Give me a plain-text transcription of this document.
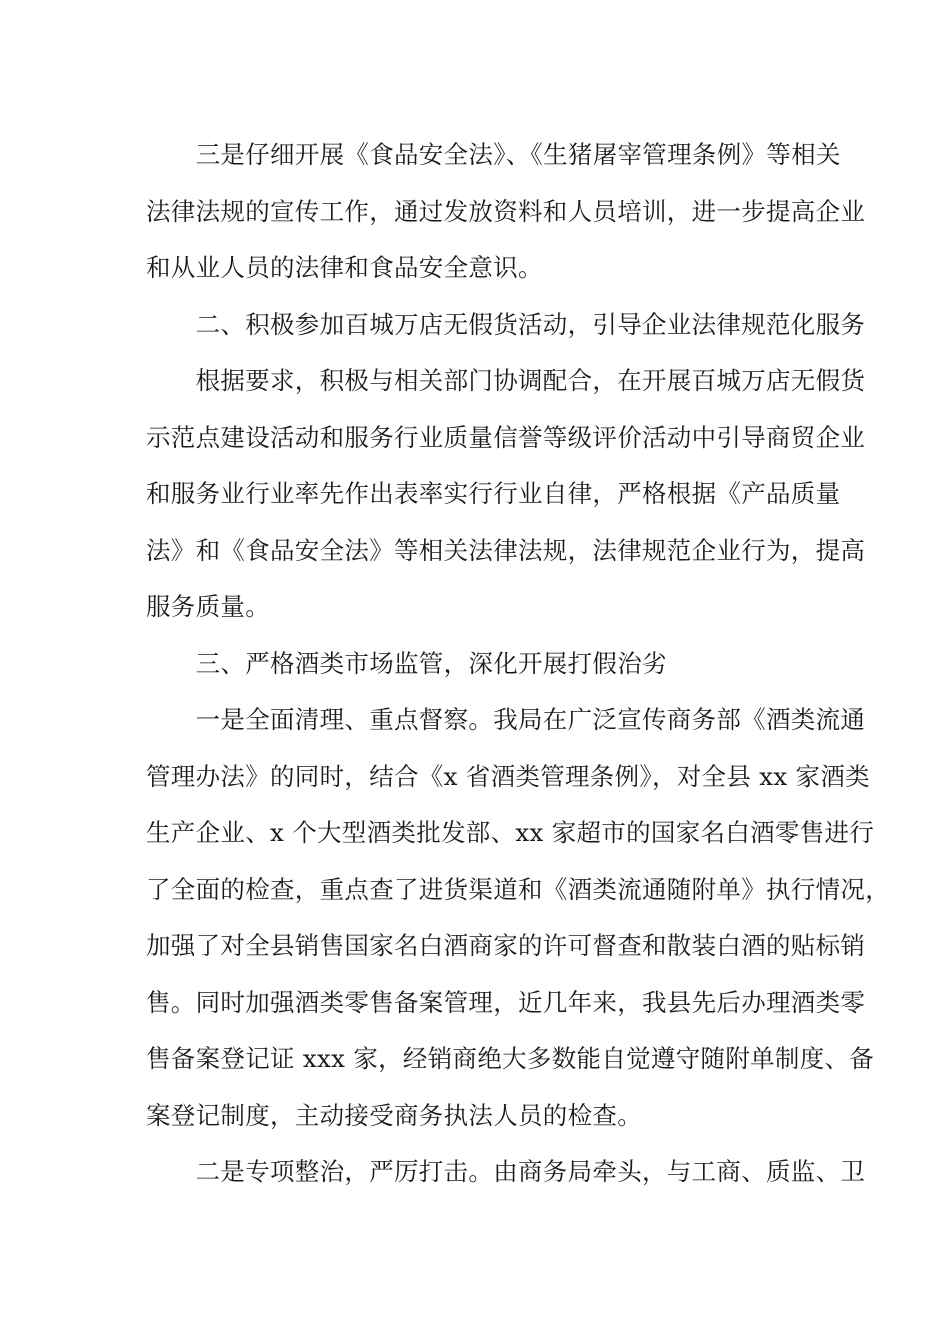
　　三是仔细开展《食品安全法》、《生猪屠宰管理条例》等相关
法律法规的宣传工作，通过发放资料和人员培训，进一步提高企业
和从业人员的法律和食品安全意识。
　　二、积极参加百城万店无假货活动，引导企业法律规范化服务
　　根据要求，积极与相关部门协调配合，在开展百城万店无假货
示范点建设活动和服务行业质量信誉等级评价活动中引导商贸企业
和服务业行业率先作出表率实行行业自律，严格根据《产品质量
法》和《食品安全法》等相关法律法规，法律规范企业行为，提高
服务质量。
　　三、严格酒类市场监管，深化开展打假治劣
　　一是全面清理、重点督察。我局在广泛宣传商务部《酒类流通
管理办法》的同时，结合《x 省酒类管理条例》，对全县 xx 家酒类
生产企业、x 个大型酒类批发部、xx 家超市的国家名白酒零售进行
了全面的检查，重点查了进货渠道和《酒类流通随附单》执行情况，
加强了对全县销售国家名白酒商家的许可督查和散装白酒的贴标销
售。同时加强酒类零售备案管理，近几年来，我县先后办理酒类零
售备案登记证 xxx 家，经销商绝大多数能自觉遵守随附单制度、备
案登记制度，主动接受商务执法人员的检查。
　　二是专项整治，严厉打击。由商务局牵头，与工商、质监、卫
